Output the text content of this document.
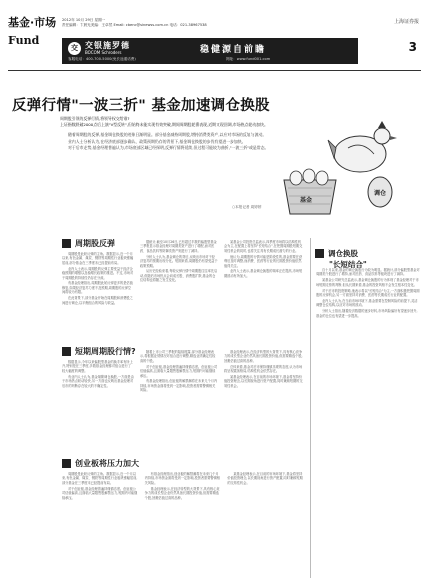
基金·市场
Fund
2012年 10月 29日 星期一
责任编辑：卞晨光美编：王卓然 Email: cbenc@sinewss.com.cn 电话：021-38967538	上海证券报
3
交 交银施罗德
BOCOM Schroders	稳健源自前瞻
客服电话：400-700-5000(免长途通话费)	网址：www.fund001.com
反弹行情"一波三折" 基金加速调仓换股

周期股引领的反弹行情,将领导权交给谁?

上证指数跌破2000点后上演"V型反转",但始终未能实现有效突破,期间周期股轮番表现,近期又现回调,市场热点轮动加快。

随着周期股的反弹,基金调仓换股的迹象日渐明显。部分基金减持周期股,增持消费类资产,以应对市场的反复与波动。

业内人士分析认为,在经济底部逐步确认、政策预期仍存的背景下,基金调仓换股的步伐有望进一步加快。

对于后市走势,基金经理普遍认为,市场底部区域已经探明,反弹行情将延续,但过程可能较为曲折,"一波三折"或是常态。

○本报记者 周婷婷
调仓
基金
周期股反弹
短期周期股行情?
创业板将压力加大
调仓换股
"长短结合"

周期股是此轮反弹的主角。数据显示,近一个月以来,有色金属、煤炭、钢铁等周期性行业板块涨幅居前,部分基金在三季度末已经提前布局。

业内人士表示,周期股的反弹主要受益于经济企稳预期的增强以及稳增长政策的推进。不过,市场对于周期股的持续性仍存在分歧。

有基金经理指出,周期股此轮反弹更多的是估值修复,如果经济复苏力度不及预期,周期股的反弹空间将较为有限。

在此背景下,部分基金开始在周期股和消费股之间进行调仓,以平衡组合的风险与收益。

据统计,截至10月26日,已有超过半数的偏股型基金三季报显示基金经理对周期类资产进行了增配,而对医药、食品饮料等防御类资产则进行了减持。

分析人士认为,基金调仓的背后,反映出市场对于经济复苏的预期出现分化。短期来看,周期股仍有望受益于政策预期。

从历史经验来看,每轮反弹行情中周期股往往率先启动,但随后市场热点会向成长股、消费股扩散,基金的仓位结构也将随之发生变化。

某基金公司投资总监表示,四季度市场将以结构性机会为主,在配置上将坚持"长短结合",在把握周期股短期交易性机会的同时,也将关注具有长期成长潜力的行业。

他认为,周期股的行情可能是阶段性的,基金需要在获利后及时调整,而消费、医药等行业的长期投资价值依然值得关注。

业内人士表示,基金调仓换股的频率正在提高,市场短期波动有所加大。

数据显示,今年以来偏股型基金的换手率有所上升,特别是在三季度,多数基金经理都对组合进行了较大幅度的调整。

有业内人士认为,基金频繁调仓换股,一方面是由于市场热点轮动较快,另一方面也反映出基金经理对后市的判断存在较大的不确定性。

随着上市公司三季报的陆续披露,部分基金经理表示,将根据业绩情况对组合进行调整,精选业绩确定性较高的个股。

对于创业板,基金经理普遍持谨慎态度。创业板公司估值偏高,且面临大量限售股解禁压力,短期内可能继续承压。

有基金经理指出,创业板的解禁潮将在未来几个月内持续,市场资金面将受到一定影响,投资者需要警惕相关风险。

基金经理表示,在经济转型的大背景下,具有核心竞争力的成长型企业仍然具备长期投资价值,但需要精选个股,回避估值过高的品种。

总体来看,基金对后市保持谨慎乐观的态度,认为市场将呈现震荡格局,结构性机会依然存在。

某基金经理表示,在目前的市场环境下,基金将坚持价值投资理念,以长期视角进行资产配置,同时兼顾短期的交易性机会。

周期股是此轮反弹的主角。数据显示,近一个月以来,有色金属、煤炭、钢铁等周期性行业板块涨幅居前,部分基金在三季度末已经提前布局。

对于创业板,基金经理普遍持谨慎态度。创业板公司估值偏高,且面临大量限售股解禁压力,短期内可能继续承压。

有基金经理指出,创业板的解禁潮将在未来几个月内持续,市场资金面将受到一定影响,投资者需要警惕相关风险。

基金经理表示,在经济转型的大背景下,具有核心竞争力的成长型企业仍然具备长期投资价值,但需要精选个股,回避估值过高的品种。

某基金经理表示,在目前的市场环境下,基金将坚持价值投资理念,以长期视角进行资产配置,同时兼顾短期的交易性机会。

自十月以来,基金的调仓换股行为较为明显。据统计,部分偏股型基金对周期类个股进行了增持,而对医药、食品饮料等板块进行了减持。

某基金公司研究总监表示,基金调仓换股的行为体现了基金经理对于市场短期走势的判断,但从长期来看,基金的投资风格不会发生根本性变化。

对于后市的投资策略,他表示将以"长短结合"为主,一方面积极把握周期股的反弹机会,另一方面坚持对消费、医药等长期成长行业的配置。

业内人士认为,在当前市场环境下,基金需要在控制风险的前提下,灵活调整仓位结构,以应对市场的波动。

分析人士指出,随着经济数据的逐步好转,市场风险偏好有望逐步回升,基金的仓位也有望进一步提高。
